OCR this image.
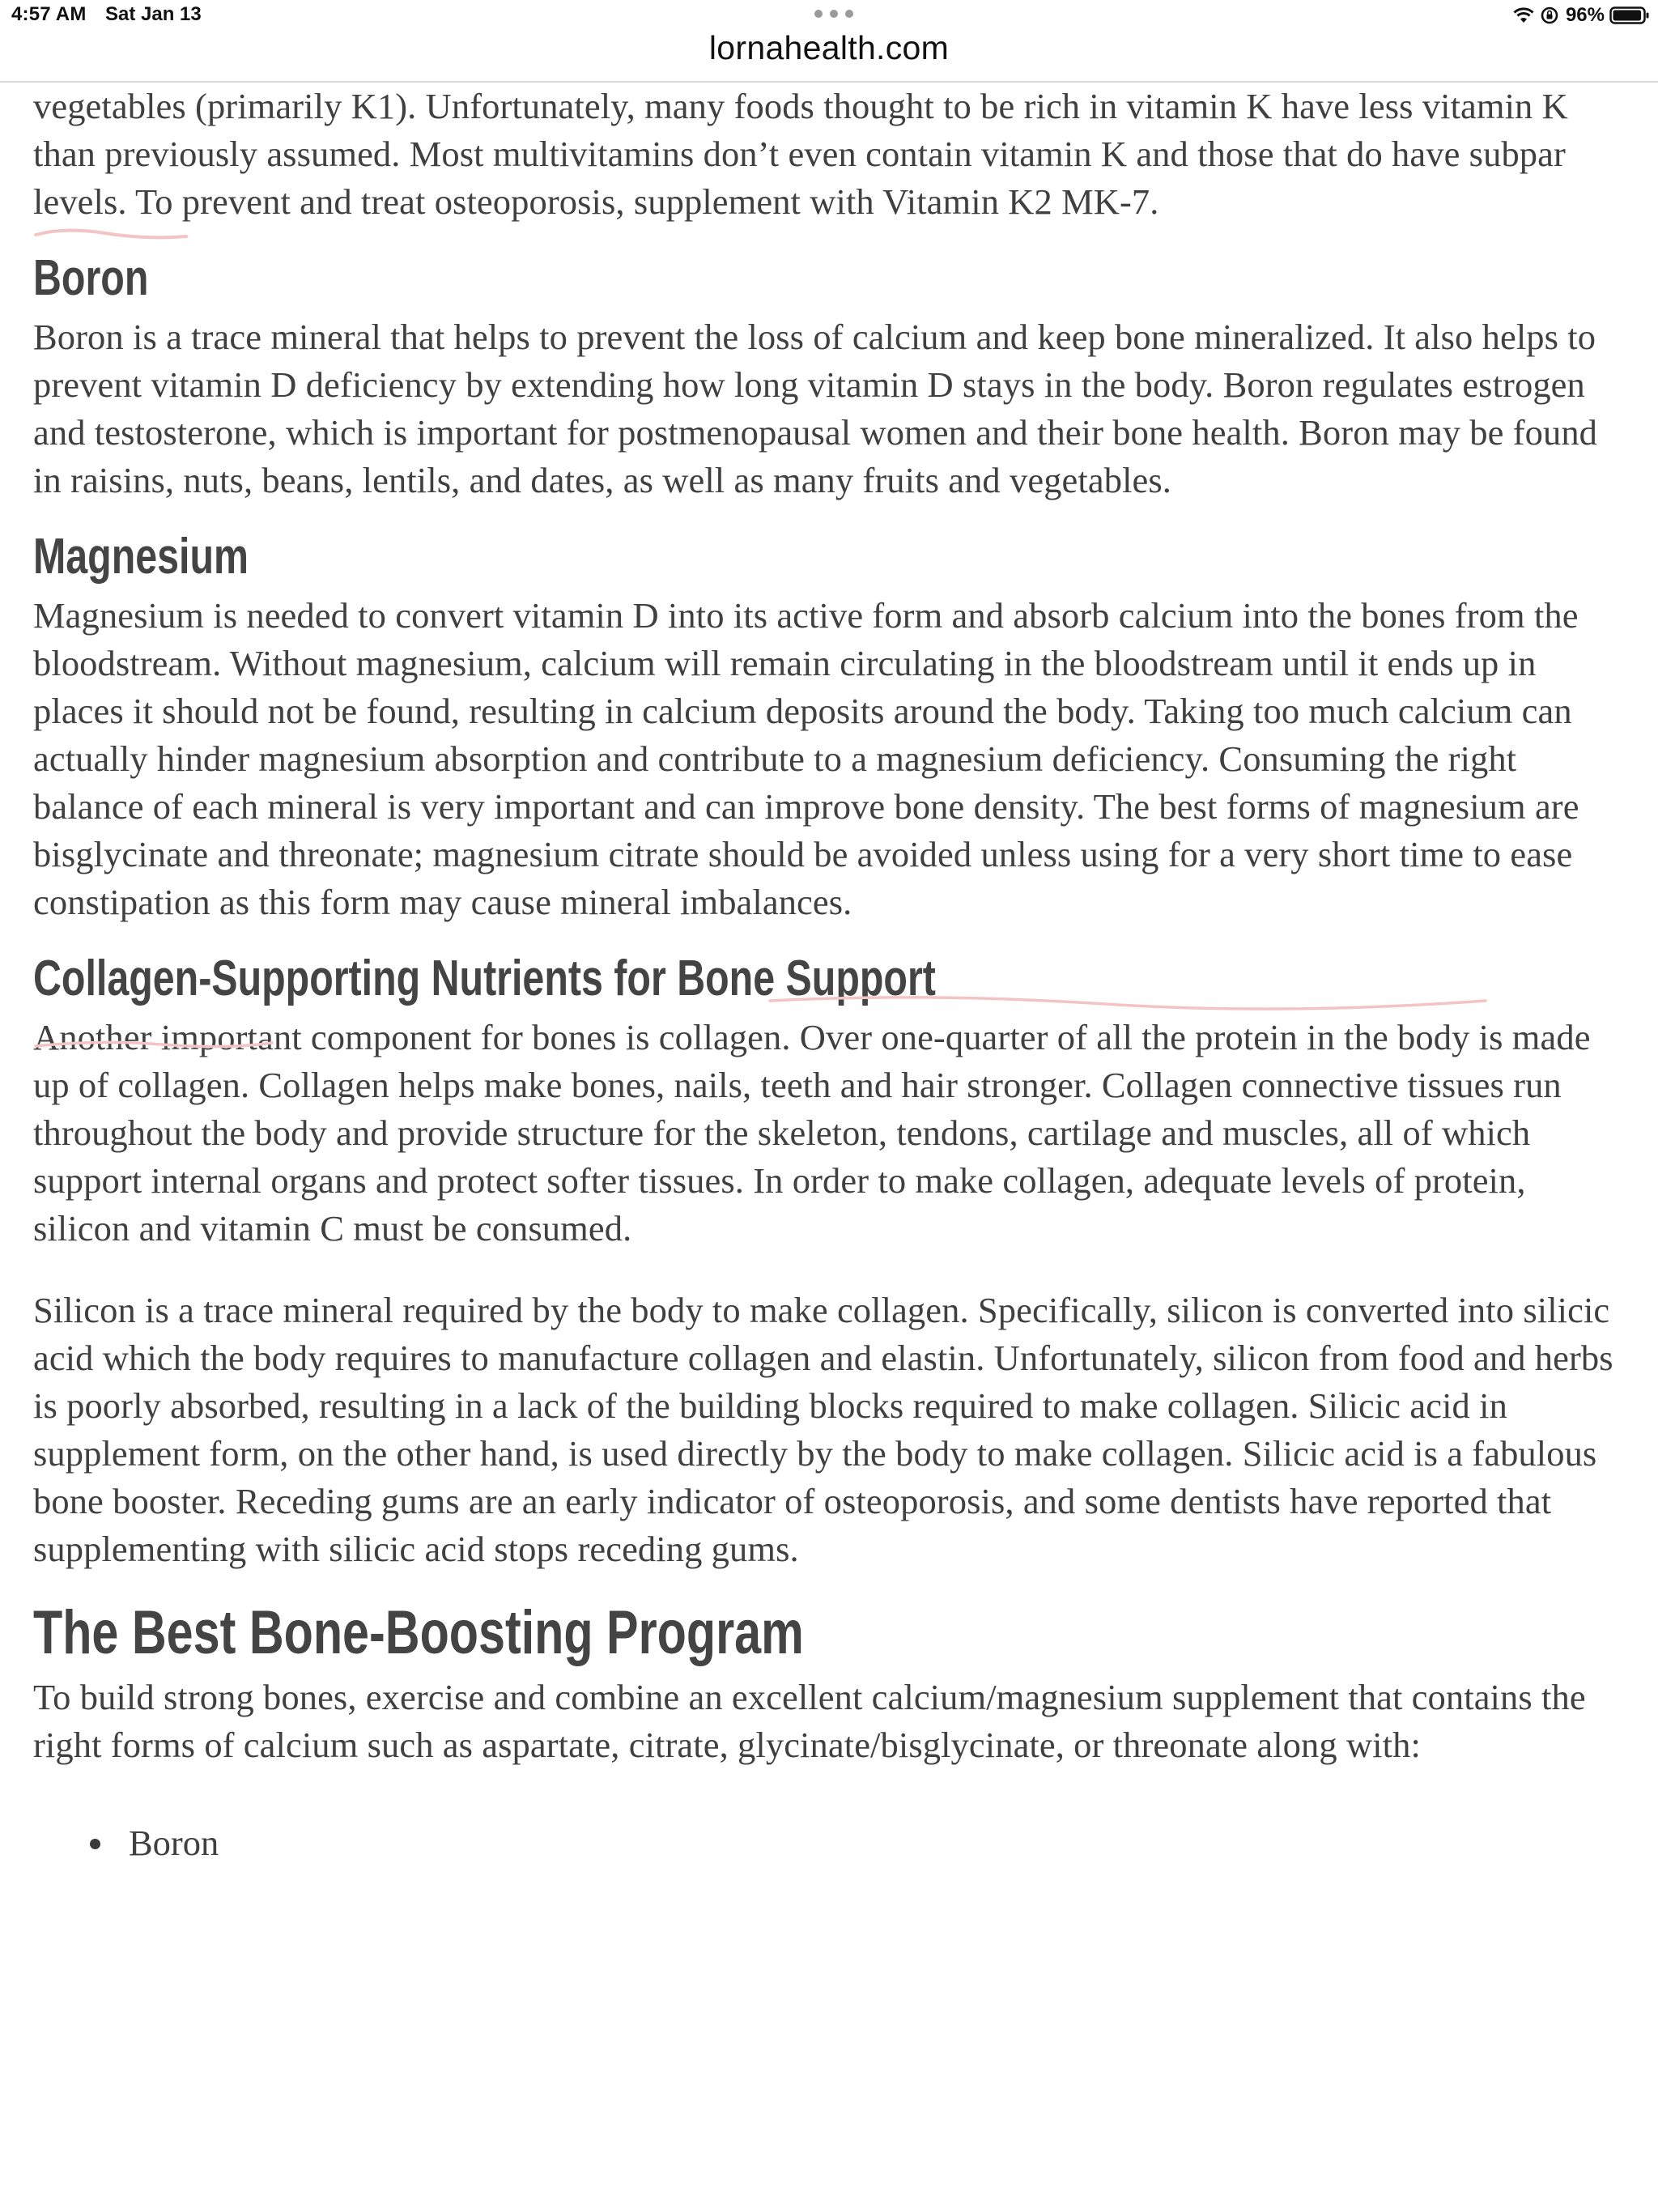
4:57 AM Sat Jan 13	96%
lornahealth.com

vegetables (primarily K1). Unfortunately, many foods thought to be rich in vitamin K have less vitamin K than previously assumed. Most multivitamins don’t even contain vitamin K and those that do have subpar levels. To prevent and treat osteoporosis, supplement with Vitamin K2 MK-7.

Boron

Boron is a trace mineral that helps to prevent the loss of calcium and keep bone mineralized. It also helps to prevent vitamin D deficiency by extending how long vitamin D stays in the body. Boron regulates estrogen and testosterone, which is important for postmenopausal women and their bone health. Boron may be found in raisins, nuts, beans, lentils, and dates, as well as many fruits and vegetables.

Magnesium

Magnesium is needed to convert vitamin D into its active form and absorb calcium into the bones from the bloodstream. Without magnesium, calcium will remain circulating in the bloodstream until it ends up in places it should not be found, resulting in calcium deposits around the body. Taking too much calcium can actually hinder magnesium absorption and contribute to a magnesium deficiency. Consuming the right balance of each mineral is very important and can improve bone density. The best forms of magnesium are bisglycinate and threonate; magnesium citrate should be avoided unless using for a very short time to ease constipation as this form may cause mineral imbalances.

Collagen-Supporting Nutrients for Bone Support

Another important component for bones is collagen. Over one-quarter of all the protein in the body is made up of collagen. Collagen helps make bones, nails, teeth and hair stronger. Collagen connective tissues run throughout the body and provide structure for the skeleton, tendons, cartilage and muscles, all of which support internal organs and protect softer tissues. In order to make collagen, adequate levels of protein, silicon and vitamin C must be consumed.

Silicon is a trace mineral required by the body to make collagen. Specifically, silicon is converted into silicic acid which the body requires to manufacture collagen and elastin. Unfortunately, silicon from food and herbs is poorly absorbed, resulting in a lack of the building blocks required to make collagen. Silicic acid in supplement form, on the other hand, is used directly by the body to make collagen. Silicic acid is a fabulous bone booster. Receding gums are an early indicator of osteoporosis, and some dentists have reported that supplementing with silicic acid stops receding gums.

The Best Bone-Boosting Program

To build strong bones, exercise and combine an excellent calcium/magnesium supplement that contains the right forms of calcium such as aspartate, citrate, glycinate/bisglycinate, or threonate along with:

Boron
